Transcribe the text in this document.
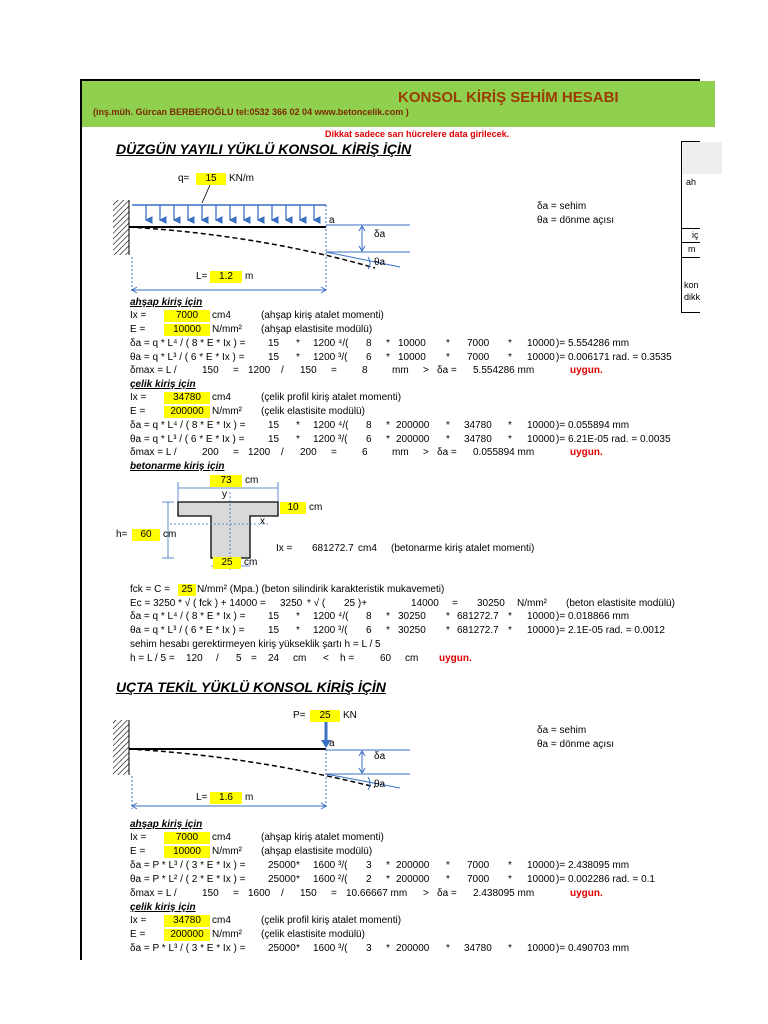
KONSOL KİRİŞ SEHİM HESABI
(inş.müh. Gürcan BERBEROĞLU tel:0532 366 02 04 www.betoncelik.com )
Dikkat sadece sarı hücrelere data girilecek.
ah
iç
m
kon
dikk
DÜZGÜN YAYILI YÜKLÜ KONSOL KİRİŞ İÇİN
q=	15	KN/m
a
δa
θa
L=	1.2	m
δa = sehim
θa = dönme açısı
ahşap kiriş için
Ix =	7000	cm4	(ahşap kiriş atalet momenti)
E =	10000	N/mm² (ahşap elastisite modülü)
δa = q * L⁴ / ( 8 * E * Ix ) = 15 * 1200 ⁴/( 8 * 10000 * 7000 * 10000 )= 5.554286 mm
θa = q * L³ / ( 6 * E * Ix ) = 15 * 1200 ³/( 6 * 10000 * 7000 * 10000 )= 0.006171 rad. = 0.3535
δmax = L /	150 = 1200 / 150 =	8 mm > δa = 5.554286 mm	uygun.
çelik kiriş için
Ix =	34780	cm4	(çelik profil kiriş atalet momenti)
E =	200000 N/mm² (çelik elastisite modülü)
δa = q * L⁴ / ( 8 * E * Ix ) = 15 * 1200 ⁴/( 8 * 200000 * 34780 * 10000 )= 0.055894 mm
θa = q * L³ / ( 6 * E * Ix ) = 15 * 1200 ³/( 6 * 200000 * 34780 * 10000 )= 6.21E-05 rad. = 0.0035
δmax = L /	200 = 1200 / 200 =	6 mm > δa = 0.055894 mm	uygun.
betonarme kiriş için
73	cm
y
10	cm
x
h=	60	cm
25	cm
Ix = 681272.7 cm4 (betonarme kiriş atalet momenti)
fck = C =	25 N/mm² (Mpa.) (beton silindirik karakteristik mukavemeti)
Ec = 3250 * √ ( fck ) + 14000 = 3250 * √ ( 25 )+	14000 = 30250 N/mm² (beton elastisite modülü)
δa = q * L⁴ / ( 8 * E * Ix ) = 15 * 1200 ⁴/( 8 * 30250 * 681272.7 * 10000 )= 0.018866 mm
θa = q * L³ / ( 6 * E * Ix ) = 15 * 1200 ³/( 6 * 30250 * 681272.7 * 10000 )= 2.1E-05 rad. = 0.0012
sehim hesabı gerektirmeyen kiriş yükseklik şartı h = L / 5
h = L / 5 = 120 / 5 = 24 cm < h =	60 cm uygun.
UÇTA TEKİL YÜKLÜ KONSOL KİRİŞ İÇİN
P=	25	KN
a
δa
θa
L=	1.6	m
δa = sehim
θa = dönme açısı
ahşap kiriş için
Ix =	7000	cm4	(ahşap kiriş atalet momenti)
E =	10000	N/mm² (ahşap elastisite modülü)
δa = P * L³ / ( 3 * E * Ix ) = 25000 * 1600 ³/( 3 * 200000 * 7000 * 10000 )= 2.438095 mm
θa = P * L² / ( 2 * E * Ix ) = 25000 * 1600 ²/( 2 * 200000 * 7000 * 10000 )= 0.002286 rad. = 0.1
δmax = L /	150 = 1600 / 150 = 10.66667 mm > δa = 2.438095 mm	uygun.
çelik kiriş için
Ix =	34780	cm4	(çelik profil kiriş atalet momenti)
E =	200000 N/mm² (çelik elastisite modülü)
δa = P * L³ / ( 3 * E * Ix ) = 25000 * 1600 ³/( 3 * 200000 * 34780 * 10000 )= 0.490703 mm
